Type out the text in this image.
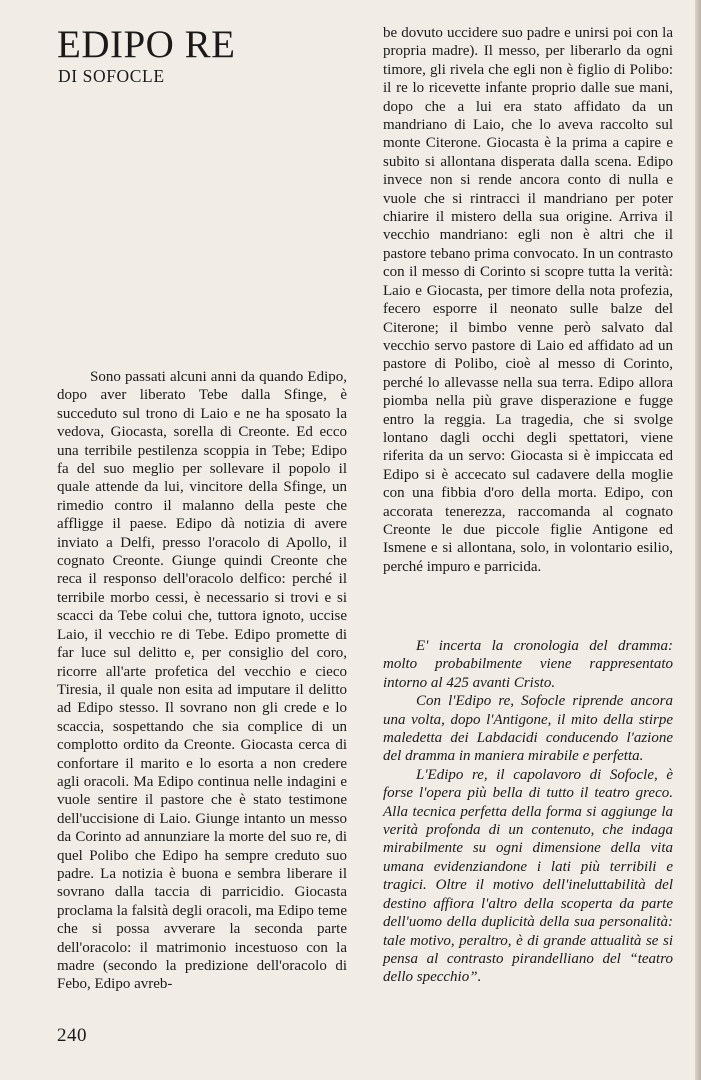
EDIPO RE
DI SOFOCLE

Sono passati alcuni anni da quando Edipo, dopo aver liberato Tebe dalla Sfinge, è succeduto sul trono di Laio e ne ha sposato la vedova, Giocasta, sorella di Creonte. Ed ecco una terribile pestilenza scoppia in Tebe; Edipo fa del suo meglio per sollevare il popolo il quale attende da lui, vincitore della Sfinge, un rimedio contro il malanno della peste che affligge il paese. Edipo dà notizia di avere inviato a Delfi, presso l'oracolo di Apollo, il cognato Creonte. Giunge quindi Creonte che reca il responso dell'oracolo delfico: perché il terribile morbo cessi, è necessario si trovi e si scacci da Tebe colui che, tuttora ignoto, uccise Laio, il vecchio re di Tebe. Edipo promette di far luce sul delitto e, per consiglio del coro, ricorre all'arte profetica del vecchio e cieco Tiresia, il quale non esita ad imputare il delitto ad Edipo stesso. Il sovrano non gli crede e lo scaccia, sospettando che sia complice di un complotto ordito da Creonte. Giocasta cerca di confortare il marito e lo esorta a non credere agli oracoli. Ma Edipo continua nelle indagini e vuole sentire il pastore che è stato testimone dell'uccisione di Laio. Giunge intanto un messo da Corinto ad annunziare la morte del suo re, di quel Polibo che Edipo ha sempre creduto suo padre. La notizia è buona e sembra liberare il sovrano dalla taccia di parricidio. Giocasta proclama la falsità degli oracoli, ma Edipo teme che si possa avverare la seconda parte dell'oracolo: il matrimonio incestuoso con la madre (secondo la predizione dell'oracolo di Febo, Edipo avreb-

be dovuto uccidere suo padre e unirsi poi con la propria madre). Il messo, per liberarlo da ogni timore, gli rivela che egli non è figlio di Polibo: il re lo ricevette infante proprio dalle sue mani, dopo che a lui era stato affidato da un mandriano di Laio, che lo aveva raccolto sul monte Citerone. Giocasta è la prima a capire e subito si allontana disperata dalla scena. Edipo invece non si rende ancora conto di nulla e vuole che si rintracci il mandriano per poter chiarire il mistero della sua origine. Arriva il vecchio mandriano: egli non è altri che il pastore tebano prima convocato. In un contrasto con il messo di Corinto si scopre tutta la verità: Laio e Giocasta, per timore della nota profezia, fecero esporre il neonato sulle balze del Citerone; il bimbo venne però salvato dal vecchio servo pastore di Laio ed affidato ad un pastore di Polibo, cioè al messo di Corinto, perché lo allevasse nella sua terra. Edipo allora piomba nella più grave disperazione e fugge entro la reggia. La tragedia, che si svolge lontano dagli occhi degli spettatori, viene riferita da un servo: Giocasta si è impiccata ed Edipo si è accecato sul cadavere della moglie con una fibbia d'oro della morta. Edipo, con accorata tenerezza, raccomanda al cognato Creonte le due piccole figlie Antigone ed Ismene e si allontana, solo, in volontario esilio, perché impuro e parricida.

E' incerta la cronologia del dramma: molto probabilmente viene rappresentato intorno al 425 avanti Cristo.

Con l'Edipo re, Sofocle riprende ancora una volta, dopo l'Antigone, il mito della stirpe maledetta dei Labdacidi conducendo l'azione del dramma in maniera mirabile e perfetta.

L'Edipo re, il capolavoro di Sofocle, è forse l'opera più bella di tutto il teatro greco. Alla tecnica perfetta della forma si aggiunge la verità profonda di un contenuto, che indaga mirabilmente su ogni dimensione della vita umana evidenziandone i lati più terribili e tragici. Oltre il motivo dell'ineluttabilità del destino affiora l'altro della scoperta da parte dell'uomo della duplicità della sua personalità: tale motivo, peraltro, è di grande attualità se si pensa al contrasto pirandelliano del “teatro dello specchio”.

240
